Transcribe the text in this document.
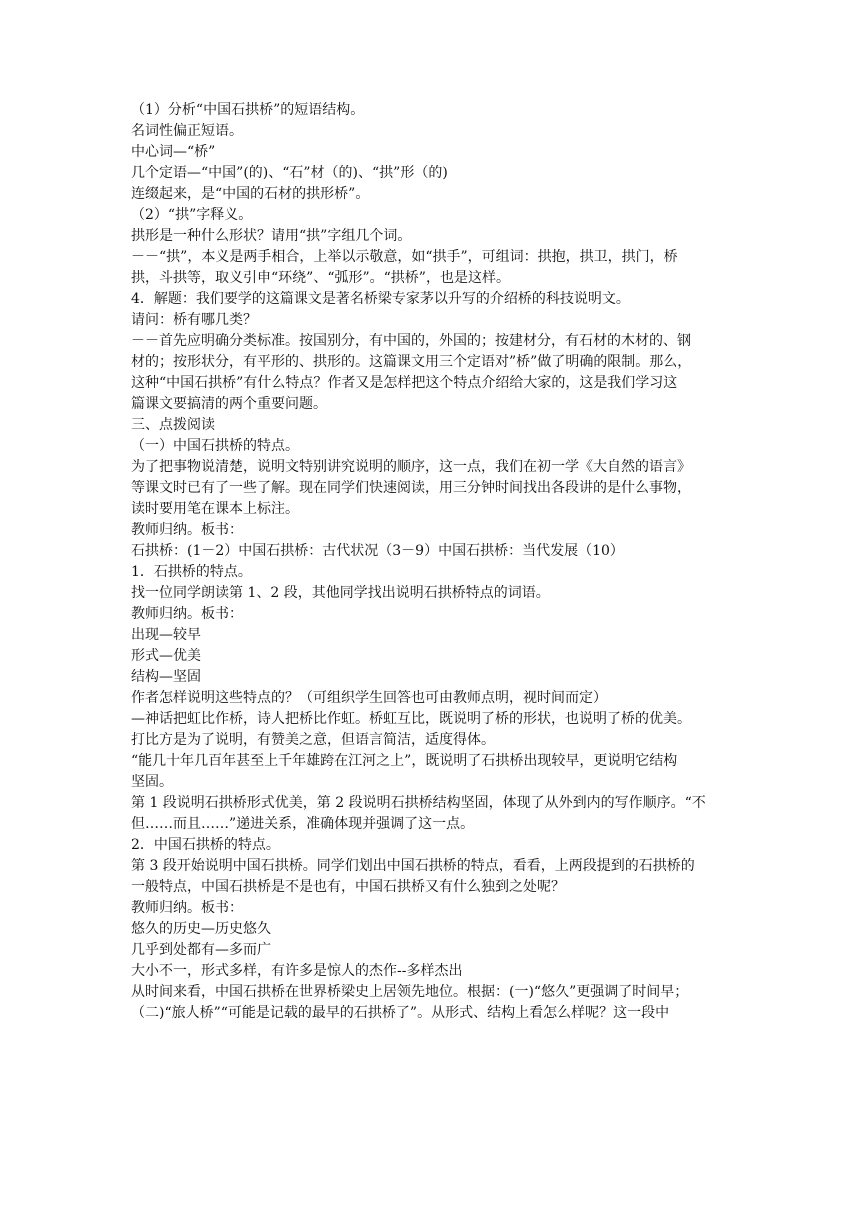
（1）分析“中国石拱桥”的短语结构。
名词性偏正短语。
中心词—“桥”
几个定语—“中国”(的)、“石”材（的)、“拱”形（的)
连缀起来，是“中国的石材的拱形桥”。
（2）“拱”字释义。
拱形是一种什么形状？请用“拱”字组几个词。
－－“拱”，本义是两手相合，上举以示敬意，如“拱手”，可组词：拱抱，拱卫，拱门，桥
拱，斗拱等，取义引申“环绕”、“弧形”。“拱桥”，也是这样。
4．解题：我们要学的这篇课文是著名桥梁专家茅以升写的介绍桥的科技说明文。
请问：桥有哪几类？
－－首先应明确分类标准。按国别分，有中国的，外国的；按建材分，有石材的木材的、钢
材的；按形状分，有平形的、拱形的。这篇课文用三个定语对”桥”做了明确的限制。那么，
这种“中国石拱桥”有什么特点？作者又是怎样把这个特点介绍给大家的，这是我们学习这
篇课文要搞清的两个重要问题。
三、点拨阅读
（一）中国石拱桥的特点。
为了把事物说清楚，说明文特别讲究说明的顺序，这一点，我们在初一学《大自然的语言》
等课文时已有了一些了解。现在同学们快速阅读，用三分钟时间找出各段讲的是什么事物，
读时要用笔在课本上标注。
教师归纳。板书：
石拱桥：(1－2）中国石拱桥：古代状况（3－9）中国石拱桥：当代发展（10）
1．石拱桥的特点。
找一位同学朗读第 1、2 段，其他同学找出说明石拱桥特点的词语。
教师归纳。板书：
出现—较早
形式—优美
结构—坚固
作者怎样说明这些特点的？（可组织学生回答也可由教师点明，视时间而定）
—神话把虹比作桥，诗人把桥比作虹。桥虹互比，既说明了桥的形状，也说明了桥的优美。
打比方是为了说明，有赞美之意，但语言简洁，适度得体。
“能几十年几百年甚至上千年雄跨在江河之上”，既说明了石拱桥出现较早，更说明它结构
坚固。
第 1 段说明石拱桥形式优美，第 2 段说明石拱桥结构坚固，体现了从外到内的写作顺序。“不
但……而且……”递进关系，准确体现并强调了这一点。
2．中国石拱桥的特点。
第 3 段开始说明中国石拱桥。同学们划出中国石拱桥的特点，看看，上两段提到的石拱桥的
一般特点，中国石拱桥是不是也有，中国石拱桥又有什么独到之处呢？
教师归纳。板书：
悠久的历史—历史悠久
几乎到处都有—多而广
大小不一，形式多样，有许多是惊人的杰作--多样杰出
从时间来看，中国石拱桥在世界桥梁史上居领先地位。根据：(一)“悠久”更强调了时间早；
（二)“旅人桥”“可能是记载的最早的石拱桥了”。从形式、结构上看怎么样呢？这一段中
